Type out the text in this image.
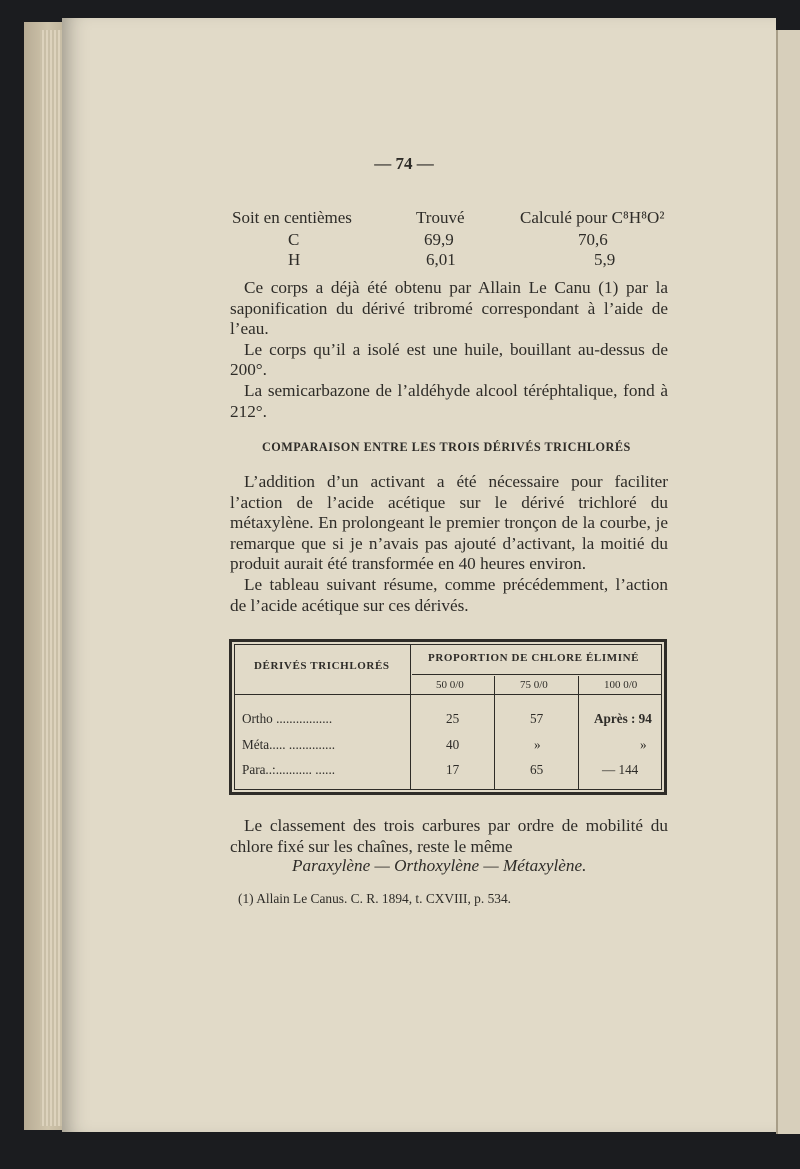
— 74 —
Soit en centièmes	Trouvé	Calculé pour C⁸H⁸O²
C	69,9	70,6
H	6,01	5,9

Ce corps a déjà été obtenu par Allain Le Canu (1) par la saponification du dérivé tribromé correspondant à l’aide de l’eau.

Le corps qu’il a isolé est une huile, bouillant au-dessus de 200°.

La semicarbazone de l’aldéhyde alcool téréphtalique, fond à 212°.

COMPARAISON ENTRE LES TROIS DÉRIVÉS TRICHLORÉS

L’addition d’un activant a été nécessaire pour faciliter l’action de l’acide acétique sur le dérivé trichloré du métaxylène. En prolongeant le premier tronçon de la courbe, je remarque que si je n’avais pas ajouté d’activant, la moitié du produit aurait été transformée en 40 heures environ.

Le tableau suivant résume, comme précédemment, l’action de l’acide acétique sur ces dérivés.

DÉRIVÉS TRICHLORÉS
PROPORTION DE CHLORE ÉLIMINÉ
50 0/0	75 0/0	100 0/0
Ortho .................	25	57	Après : 94
Méta..... ..............	40	»	»
Para..:........... ......	17	65	— 144

Le classement des trois carbures par ordre de mobilité du chlore fixé sur les chaînes, reste le même

Paraxylène — Orthoxylène — Métaxylène.
(1) Allain Le Canus. C. R. 1894, t. CXVIII, p. 534.
